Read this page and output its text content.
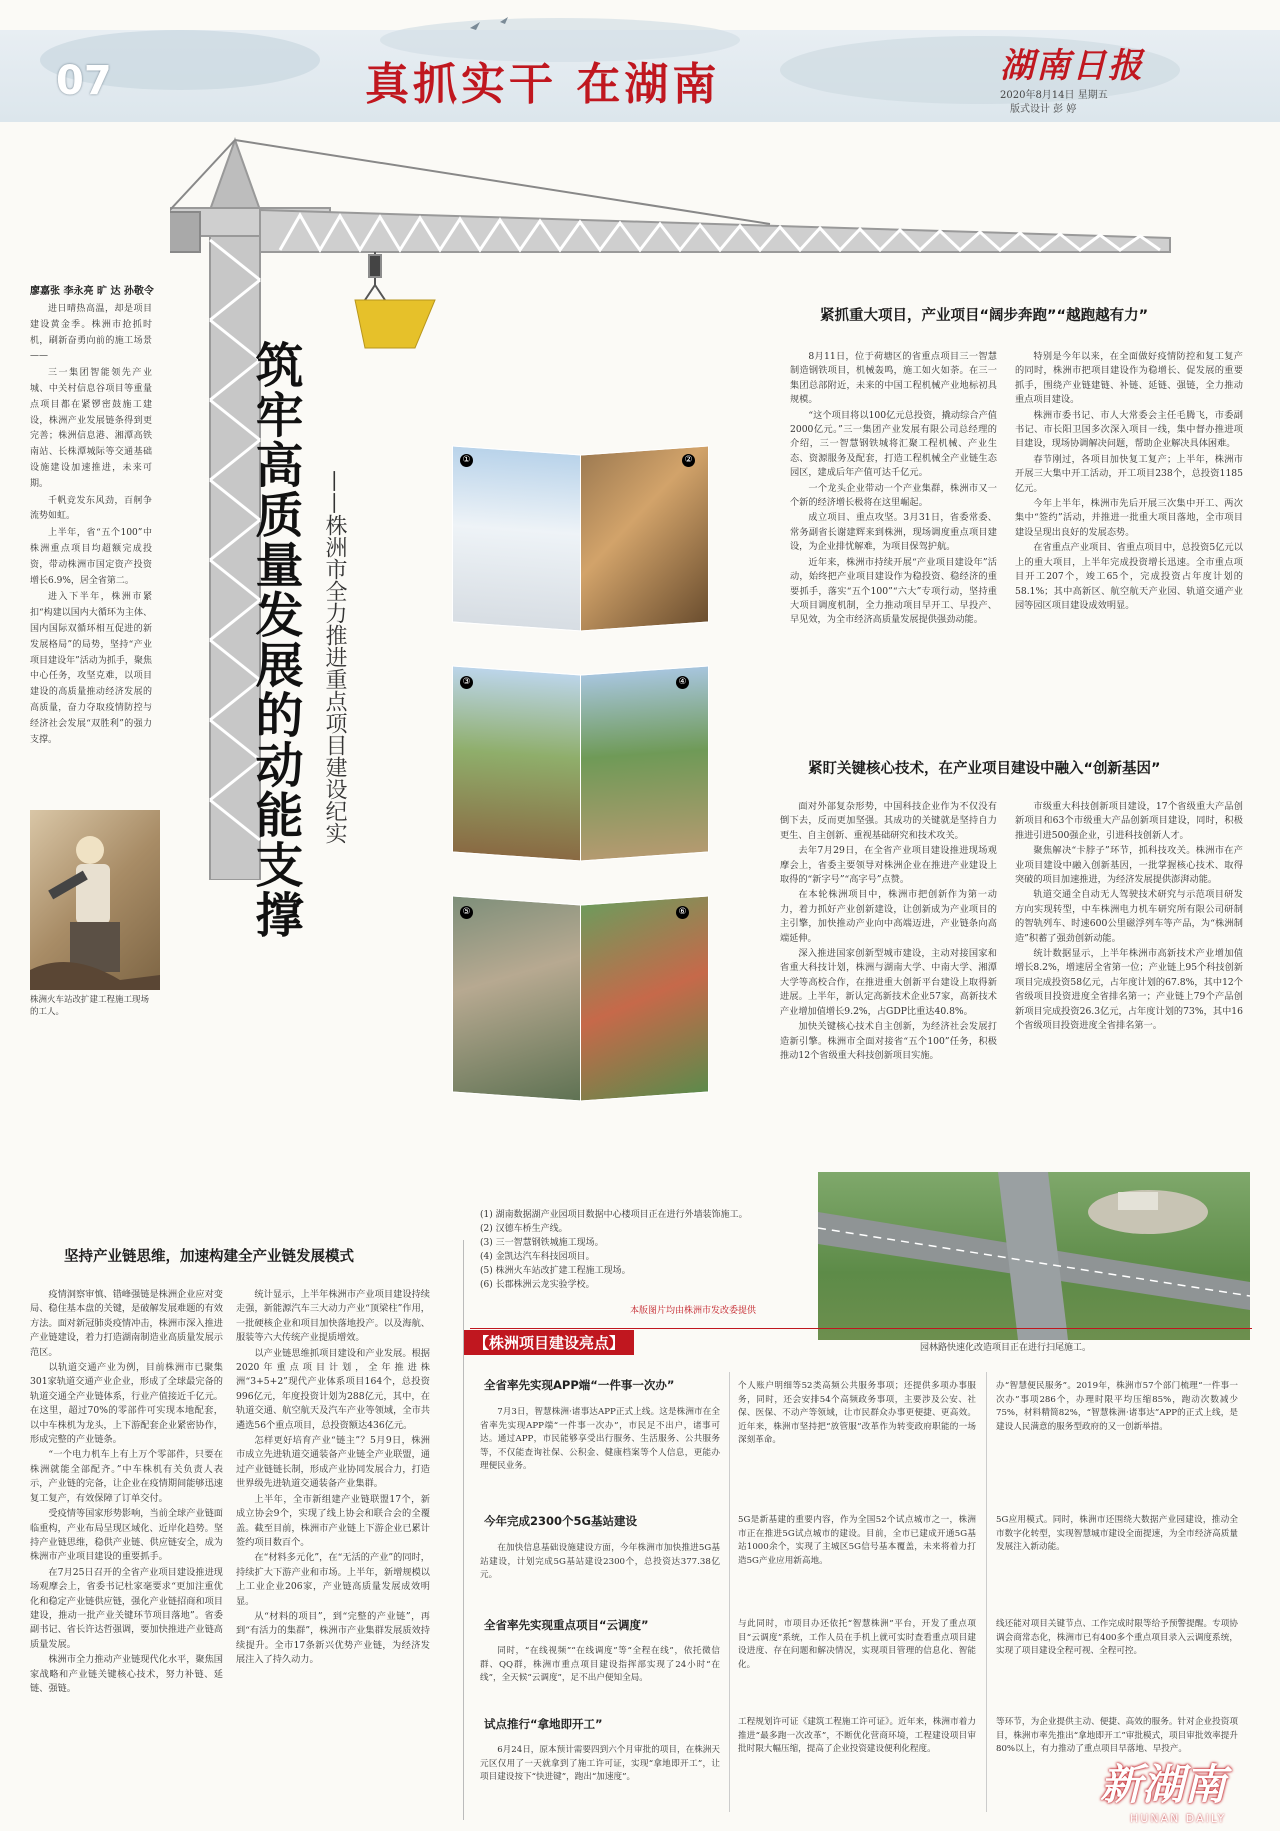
07	真抓实干 在湖南	湖南日报
2020年8月14日 星期五
版式设计 彭 婷
筑牢高质量发展的动能支撑 ——株洲市全力推进重点项目建设纪实
廖嘉张 李永亮 旷 达 孙敬令

进日晴热高温，却是项目建设黄金季。株洲市抢抓时机，刷新奋勇向前的施工场景——

三一集团智能领先产业城、中关村信息谷项目等重量点项目都在紧锣密鼓施工建设，株洲产业发展链条得到更完善；株洲信息港、湘潭高铁南站、长株潭城际等交通基础设施建设加速推进，未来可期。

千帆竞发东风劲，百舸争流势如虹。

上半年，省“五个100”中株洲重点项目均超额完成投资，带动株洲市国定资产投资增长6.9%，居全省第二。

进入下半年，株洲市紧扣“构建以国内大循环为主体、国内国际双循环相互促进的新发展格局”的局势，坚持“产业项目建设年”活动为抓手，聚焦中心任务，攻坚克难，以项目建设的高质量推动经济发展的高质量，奋力夺取疫情防控与经济社会发展“双胜利”的强力支撑。

株洲火车站改扩建工程施工现场的工人。
①	②
③	④
⑤	⑥
紧抓重大项目，产业项目“阔步奔跑”“越跑越有力”

8月11日，位于荷塘区的省重点项目三一智慧制造钢铁项目，机械轰鸣，施工如火如荼。在三一集团总部附近，未来的中国工程机械产业地标初具规模。

“这个项目将以100亿元总投资，撬动综合产值2000亿元。”三一集团产业发展有限公司总经理的介绍，三一智慧钢铁城将汇聚工程机械、产业生态、资源服务及配套，打造工程机械全产业链生态园区，建成后年产值可达千亿元。

一个龙头企业带动一个产业集群，株洲市又一个新的经济增长极将在这里崛起。

成立项目、重点攻坚。3月31日，省委常委、常务副省长谢建辉来到株洲，现场调度重点项目建设，为企业排忧解难，为项目保驾护航。

近年来，株洲市持续开展“产业项目建设年”活动，始终把产业项目建设作为稳投资、稳经济的重要抓手，落实“五个100”“六大”专项行动，坚持重大项目调度机制，全力推动项目早开工、早投产、早见效，为全市经济高质量发展提供强劲动能。

特别是今年以来，在全面做好疫情防控和复工复产的同时，株洲市把项目建设作为稳增长、促发展的重要抓手，围绕产业链建链、补链、延链、强链，全力推动重点项目建设。

株洲市委书记、市人大常委会主任毛腾飞，市委副书记、市长阳卫国多次深入项目一线，集中督办推进项目建设，现场协调解决问题，帮助企业解决具体困难。

春节刚过，各项目加快复工复产；上半年，株洲市开展三大集中开工活动，开工项目238个，总投资1185亿元。

今年上半年，株洲市先后开展三次集中开工、两次集中“签约”活动，并推进一批重大项目落地，全市项目建设呈现出良好的发展态势。

在省重点产业项目、省重点项目中，总投资5亿元以上的重大项目，上半年完成投资增长迅速。全市重点项目开工207个，竣工65个，完成投资占年度计划的58.1%；其中高新区、航空航天产业园、轨道交通产业园等园区项目建设成效明显。

紧盯关键核心技术，在产业项目建设中融入“创新基因”

面对外部复杂形势，中国科技企业作为不仅没有倒下去，反而更加坚强。其成功的关键就是坚持自力更生、自主创新、重视基础研究和技术攻关。

去年7月29日，在全省产业项目建设推进现场观摩会上，省委主要领导对株洲企业在推进产业建设上取得的“新字号”“高字号”点赞。

在本轮株洲项目中，株洲市把创新作为第一动力，着力抓好产业创新建设，让创新成为产业项目的主引擎，加快推动产业向中高端迈进，产业链条向高端延伸。

深入推进国家创新型城市建设，主动对接国家和省重大科技计划，株洲与湖南大学、中南大学、湘潭大学等高校合作，在推进重大创新平台建设上取得新进展。上半年，新认定高新技术企业57家，高新技术产业增加值增长9.2%，占GDP比重达40.8%。

加快关键核心技术自主创新，为经济社会发展打造新引擎。株洲市全面对接省“五个100”任务，积极推动12个省级重大科技创新项目实施。

市级重大科技创新项目建设，17个省级重大产品创新项目和63个市级重大产品创新项目建设，同时，积极推进引进500强企业，引进科技创新人才。

聚焦解决“卡脖子”环节，抓科技攻关。株洲市在产业项目建设中融入创新基因，一批掌握核心技术、取得突破的项目加速推进，为经济发展提供澎湃动能。

轨道交通全自动无人驾驶技术研究与示范项目研发方向实现转型，中车株洲电力机车研究所有限公司研制的智轨列车、时速600公里磁浮列车等产品，为“株洲制造”积蓄了强劲创新动能。

统计数据显示，上半年株洲市高新技术产业增加值增长8.2%，增速居全省第一位；产业链上95个科技创新项目完成投资58亿元，占年度计划的67.8%，其中12个省级项目投资进度全省排名第一；产业链上79个产品创新项目完成投资26.3亿元，占年度计划的73%，其中16个省级项目投资进度全省排名第一。

坚持产业链思维，加速构建全产业链发展模式

疫情洞察审慎、错峰强链是株洲企业应对变局、稳住基本盘的关键，是破解发展难题的有效方法。面对新冠肺炎疫情冲击，株洲市深入推进产业链建设，着力打造湖南制造业高质量发展示范区。

以轨道交通产业为例，目前株洲市已聚集301家轨道交通产业企业，形成了全球最完备的轨道交通全产业链体系，行业产值接近千亿元。在这里，超过70%的零部件可实现本地配套，以中车株机为龙头，上下游配套企业紧密协作，形成完整的产业链条。

“一个电力机车上有上万个零部件，只要在株洲就能全部配齐。”中车株机有关负责人表示，产业链的完备，让企业在疫情期间能够迅速复工复产，有效保障了订单交付。

受疫情等国家形势影响，当前全球产业链面临重构，产业布局呈现区域化、近岸化趋势。坚持产业链思维，稳供产业链、供应链安全，成为株洲市产业项目建设的重要抓手。

在7月25日召开的全省产业项目建设推进现场观摩会上，省委书记杜家毫要求“更加注重优化和稳定产业链供应链，强化产业链招商和项目建设，推动一批产业关键环节项目落地”。省委副书记、省长许达哲强调，要加快推进产业链高质量发展。

株洲市全力推动产业链现代化水平，聚焦国家战略和产业链关键核心技术，努力补链、延链、强链。

统计显示，上半年株洲市产业项目建设持续走强，新能源汽车三大动力产业“顶梁柱”作用，一批硬核企业和项目加快落地投产。以及海航、服装等六大传统产业提质增效。

以产业链思维抓项目建设和产业发展。根据2020年重点项目计划，全年推进株洲“3+5+2”现代产业体系项目164个，总投资996亿元，年度投资计划为288亿元，其中，在轨道交通、航空航天及汽车产业等领域，全市共遴选56个重点项目，总投资额达436亿元。

怎样更好培育产业“链主”？5月9日，株洲市成立先进轨道交通装备产业链全产业联盟，通过产业链链长制，形成产业协同发展合力，打造世界级先进轨道交通装备产业集群。

上半年，全市新组建产业链联盟17个，新成立协会9个，实现了线上协会和联合会的全覆盖。截至目前，株洲市产业链上下游企业已累计签约项目数百个。

在“材料多元化”，在“无活的产业”的同时，持续扩大下游产业和市场。上半年，新增规模以上工业企业206家，产业链高质量发展成效明显。

从“材料的项目”，到“完整的产业链”，再到“有活力的集群”，株洲市产业集群发展质效持续提升。全市17条新兴优势产业链，为经济发展注入了持久动力。

(1) 湖南数据湖产业园项目数据中心楼项目正在进行外墙装饰施工。
(2) 汉德车桥生产线。
(3) 三一智慧钢铁城施工现场。
(4) 金凯达汽车科技园项目。
(5) 株洲火车站改扩建工程施工现场。
(6) 长郡株洲云龙实验学校。
本版图片均由株洲市发改委提供
园林路快速化改造项目正在进行扫尾施工。
【株洲项目建设亮点】
全省率先实现APP端“一件事一次办”
7月3日，智慧株洲·诸事达APP正式上线。这是株洲市在全省率先实现APP端“一件事一次办”，市民足不出户，诸事可达。通过APP，市民能够享受出行服务、生活服务、公共服务等，不仅能查询社保、公积金、健康档案等个人信息，更能办理便民业务。
个人账户明细等52类高频公共服务事项；还提供多项办事服务，同时，还会安排54个高频政务事项，主要涉及公安、社保、医保、不动产等领域，让市民群众办事更便捷、更高效。近年来，株洲市坚持把“放管服”改革作为转变政府职能的一场深刻革命。
办“智慧便民服务”。2019年，株洲市57个部门梳理“一件事一次办”事项286个，办理时限平均压缩85%，跑动次数减少75%，材料精简82%，“智慧株洲·诸事达”APP的正式上线，是建设人民满意的服务型政府的又一创新举措。
今年完成2300个5G基站建设
在加快信息基础设施建设方面，今年株洲市加快推进5G基站建设，计划完成5G基站建设2300个，总投资达377.38亿元。
5G是新基建的重要内容，作为全国52个试点城市之一，株洲市正在推进5G试点城市的建设。目前，全市已建成开通5G基站1000余个，实现了主城区5G信号基本覆盖，未来将着力打造5G产业应用新高地。
5G应用模式。同时，株洲市还围绕大数据产业园建设，推动全市数字化转型，实现智慧城市建设全面提速，为全市经济高质量发展注入新动能。
全省率先实现重点项目“云调度”
同时，“在线视频”“在线调度”等“全程在线”，依托微信群、QQ群，株洲市重点项目建设指挥部实现了24小时“在线”，全天候“云调度”，足不出户便知全局。
与此同时，市项目办还依托“智慧株洲”平台，开发了重点项目“云调度”系统，工作人员在手机上就可实时查看重点项目建设进度、存在问题和解决情况，实现项目管理的信息化、智能化。
线还能对项目关键节点、工作完成时限等给予预警提醒。专项协调会商常态化，株洲市已有400多个重点项目录入云调度系统，实现了项目建设全程可视、全程可控。
试点推行“拿地即开工”
6月24日，原本预计需要四到六个月审批的项目，在株洲天元区仅用了一天就拿到了施工许可证，实现“拿地即开工”，让项目建设按下“快进键”，跑出“加速度”。
工程规划许可证《建筑工程施工许可证》。近年来，株洲市着力推进“最多跑一次改革”，不断优化营商环境，工程建设项目审批时限大幅压缩，提高了企业投资建设便利化程度。
等环节，为企业提供主动、便捷、高效的服务。针对企业投资项目，株洲市率先推出“拿地即开工”审批模式，项目审批效率提升80%以上，有力推动了重点项目早落地、早投产。
新湖南
HUNAN DAILY
